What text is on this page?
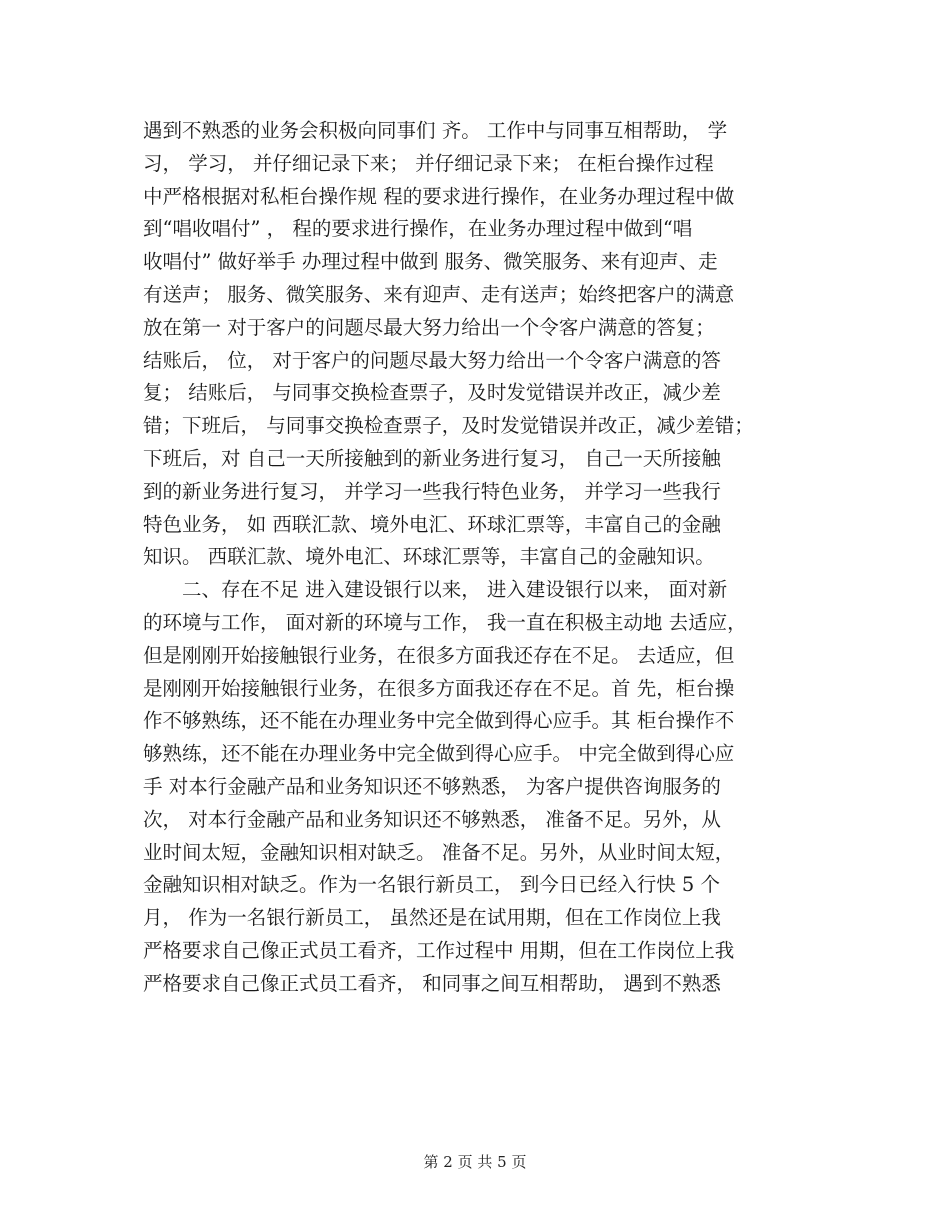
遇到不熟悉的业务会积极向同事们 齐。 工作中与同事互相帮助， 学
习， 学习， 并仔细记录下来； 并仔细记录下来； 在柜台操作过程
中严格根据对私柜台操作规 程的要求进行操作，在业务办理过程中做
到“唱收唱付” ， 程的要求进行操作，在业务办理过程中做到“唱
收唱付” 做好举手 办理过程中做到 服务、微笑服务、来有迎声、走
有送声； 服务、微笑服务、来有迎声、走有送声；始终把客户的满意
放在第一 对于客户的问题尽最大努力给出一个令客户满意的答复；
结账后， 位， 对于客户的问题尽最大努力给出一个令客户满意的答
复； 结账后， 与同事交换检查票子，及时发觉错误并改正，减少差
错；下班后， 与同事交换检查票子，及时发觉错误并改正，减少差错；
下班后，对 自己一天所接触到的新业务进行复习， 自己一天所接触
到的新业务进行复习， 并学习一些我行特色业务， 并学习一些我行
特色业务， 如 西联汇款、境外电汇、环球汇票等，丰富自己的金融
知识。 西联汇款、境外电汇、环球汇票等，丰富自己的金融知识。
　　二、存在不足 进入建设银行以来， 进入建设银行以来， 面对新
的环境与工作， 面对新的环境与工作， 我一直在积极主动地 去适应，
但是刚刚开始接触银行业务，在很多方面我还存在不足。 去适应，但
是刚刚开始接触银行业务，在很多方面我还存在不足。首 先，柜台操
作不够熟练，还不能在办理业务中完全做到得心应手。其 柜台操作不
够熟练，还不能在办理业务中完全做到得心应手。 中完全做到得心应
手 对本行金融产品和业务知识还不够熟悉， 为客户提供咨询服务的
次， 对本行金融产品和业务知识还不够熟悉， 准备不足。另外，从
业时间太短，金融知识相对缺乏。 准备不足。另外，从业时间太短，
金融知识相对缺乏。作为一名银行新员工， 到今日已经入行快 5 个
月， 作为一名银行新员工， 虽然还是在试用期，但在工作岗位上我
严格要求自己像正式员工看齐，工作过程中 用期，但在工作岗位上我
严格要求自己像正式员工看齐， 和同事之间互相帮助， 遇到不熟悉
第 2 页 共 5 页
